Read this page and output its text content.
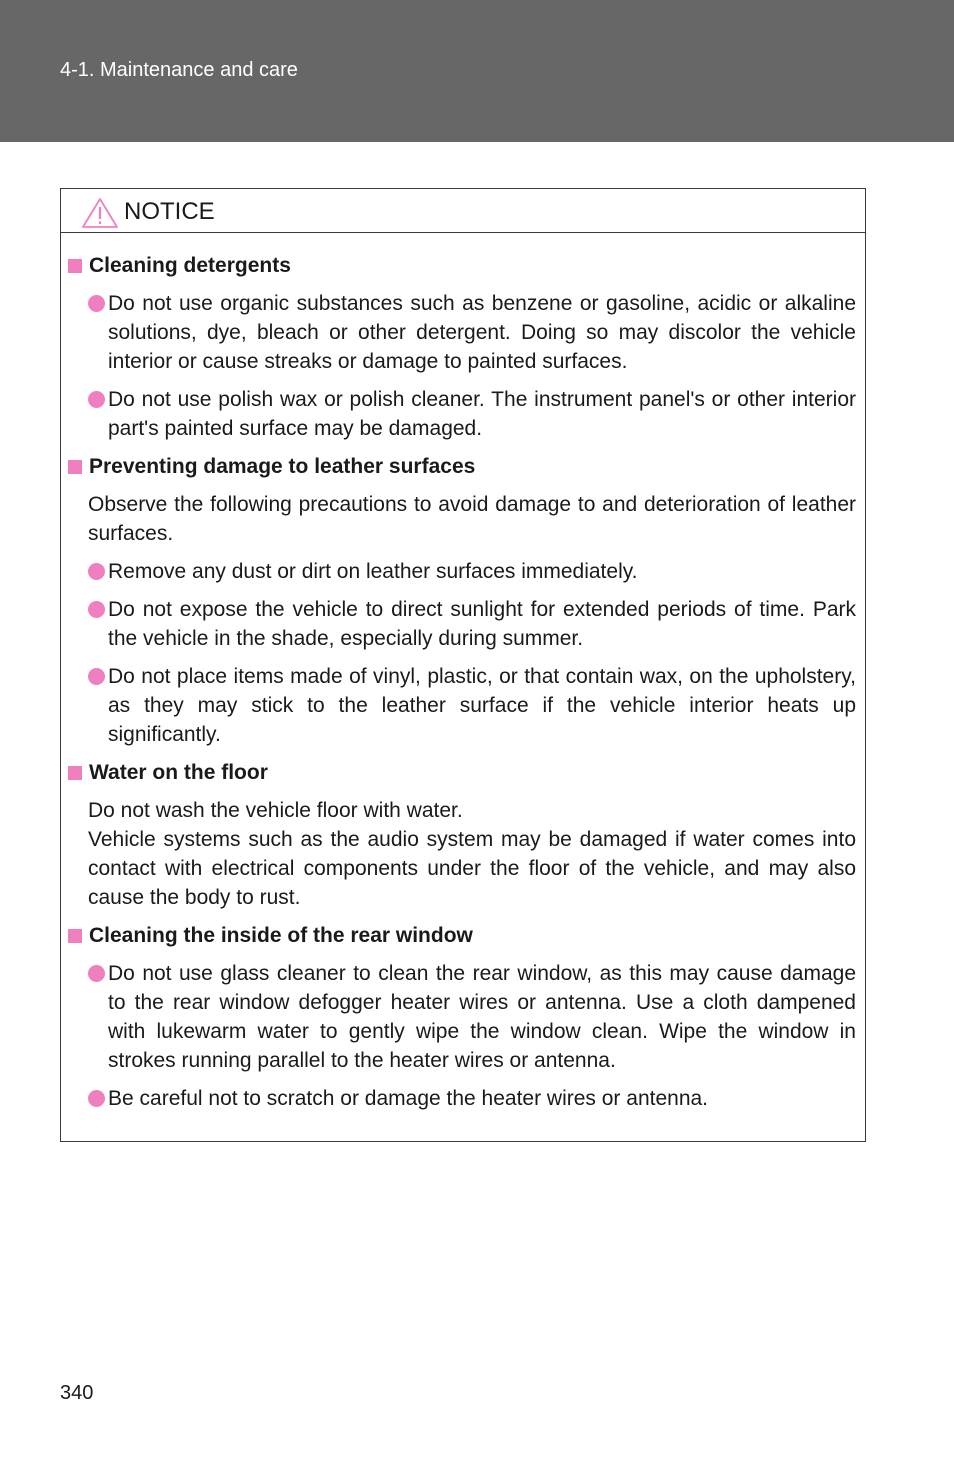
4-1. Maintenance and care
NOTICE
Cleaning detergents
Do not use organic substances such as benzene or gasoline, acidic or alkaline solutions, dye, bleach or other detergent. Doing so may discolor the vehicle interior or cause streaks or damage to painted surfaces.
Do not use polish wax or polish cleaner. The instrument panel's or other interior part's painted surface may be damaged.
Preventing damage to leather surfaces
Observe the following precautions to avoid damage to and deterioration of leather surfaces.
Remove any dust or dirt on leather surfaces immediately.
Do not expose the vehicle to direct sunlight for extended periods of time. Park the vehicle in the shade, especially during summer.
Do not place items made of vinyl, plastic, or that contain wax, on the upholstery, as they may stick to the leather surface if the vehicle interior heats up significantly.
Water on the floor
Do not wash the vehicle floor with water.
Vehicle systems such as the audio system may be damaged if water comes into contact with electrical components under the floor of the vehicle, and may also cause the body to rust.
Cleaning the inside of the rear window
Do not use glass cleaner to clean the rear window, as this may cause damage to the rear window defogger heater wires or antenna. Use a cloth dampened with lukewarm water to gently wipe the window clean. Wipe the window in strokes running parallel to the heater wires or antenna.
Be careful not to scratch or damage the heater wires or antenna.
340
